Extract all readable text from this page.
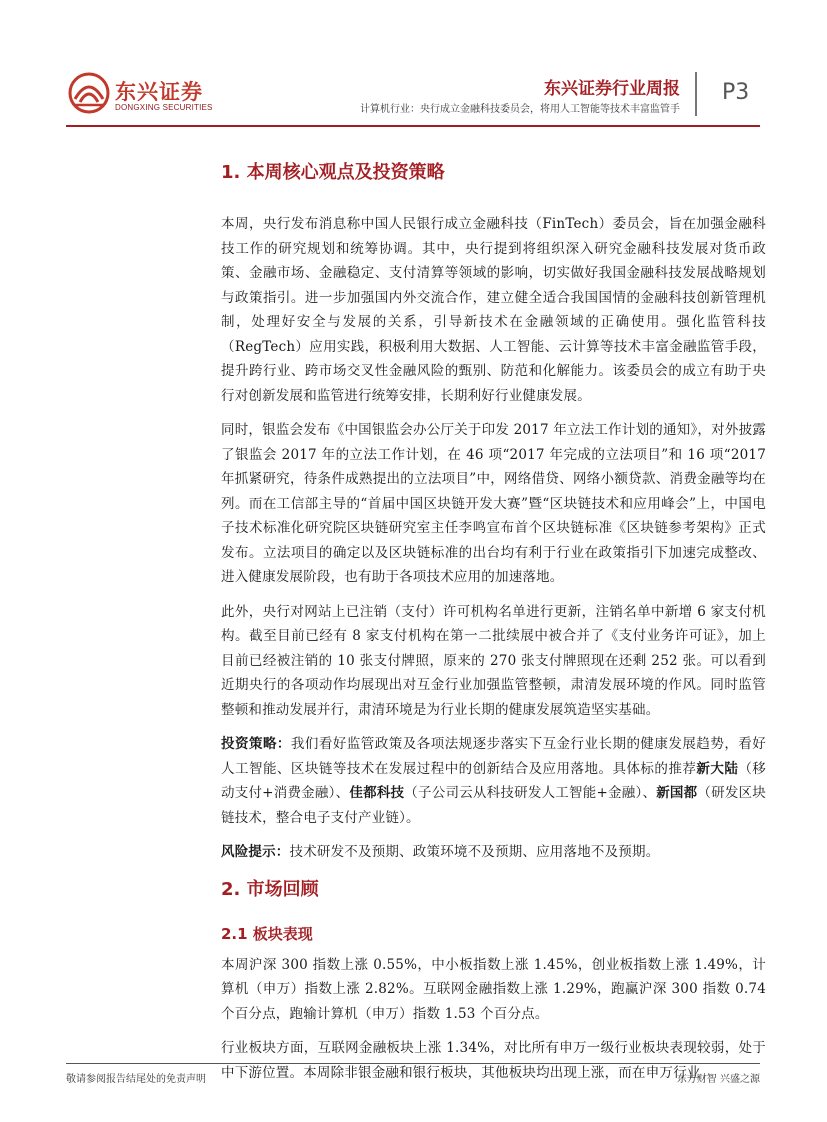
东兴证券
DONGXING SECURITIES
东兴证券行业周报
计算机行业：央行成立金融科技委员会，将用人工智能等技术丰富监管手
P3
1. 本周核心观点及投资策略

本周，央行发布消息称中国人民银行成立金融科技（FinTech）委员会，旨在加强金融科技工作的研究规划和统筹协调。其中，央行提到将组织深入研究金融科技发展对货币政策、金融市场、金融稳定、支付清算等领域的影响，切实做好我国金融科技发展战略规划与政策指引。进一步加强国内外交流合作，建立健全适合我国国情的金融科技创新管理机制，处理好安全与发展的关系，引导新技术在金融领域的正确使用。强化监管科技（RegTech）应用实践，积极利用大数据、人工智能、云计算等技术丰富金融监管手段，提升跨行业、跨市场交叉性金融风险的甄别、防范和化解能力。该委员会的成立有助于央行对创新发展和监管进行统筹安排，长期利好行业健康发展。

同时，银监会发布《中国银监会办公厅关于印发 2017 年立法工作计划的通知》，对外披露了银监会 2017 年的立法工作计划，在 46 项“2017 年完成的立法项目”和 16 项“2017 年抓紧研究，待条件成熟提出的立法项目”中，网络借贷、网络小额贷款、消费金融等均在列。而在工信部主导的“首届中国区块链开发大赛”暨“区块链技术和应用峰会”上，中国电子技术标准化研究院区块链研究室主任李鸣宣布首个区块链标准《区块链参考架构》正式发布。立法项目的确定以及区块链标准的出台均有利于行业在政策指引下加速完成整改、进入健康发展阶段，也有助于各项技术应用的加速落地。

此外，央行对网站上已注销（支付）许可机构名单进行更新，注销名单中新增 6 家支付机构。截至目前已经有 8 家支付机构在第一二批续展中被合并了《支付业务许可证》，加上目前已经被注销的 10 张支付牌照，原来的 270 张支付牌照现在还剩 252 张。可以看到近期央行的各项动作均展现出对互金行业加强监管整顿，肃清发展环境的作风。同时监管整顿和推动发展并行，肃清环境是为行业长期的健康发展筑造坚实基础。

投资策略：我们看好监管政策及各项法规逐步落实下互金行业长期的健康发展趋势，看好人工智能、区块链等技术在发展过程中的创新结合及应用落地。具体标的推荐新大陆（移动支付+消费金融）、佳都科技（子公司云从科技研发人工智能+金融）、新国都（研发区块链技术，整合电子支付产业链）。

风险提示：技术研发不及预期、政策环境不及预期、应用落地不及预期。

2. 市场回顾
2.1 板块表现

本周沪深 300 指数上涨 0.55%，中小板指数上涨 1.45%，创业板指数上涨 1.49%，计算机（申万）指数上涨 2.82%。互联网金融指数上涨 1.29%，跑赢沪深 300 指数 0.74 个百分点，跑输计算机（申万）指数 1.53 个百分点。

行业板块方面，互联网金融板块上涨 1.34%，对比所有申万一级行业板块表现较弱，处于中下游位置。本周除非银金融和银行板块，其他板块均出现上涨，而在申万行业

敬请参阅报告结尾处的免责声明	东方财智 兴盛之源
